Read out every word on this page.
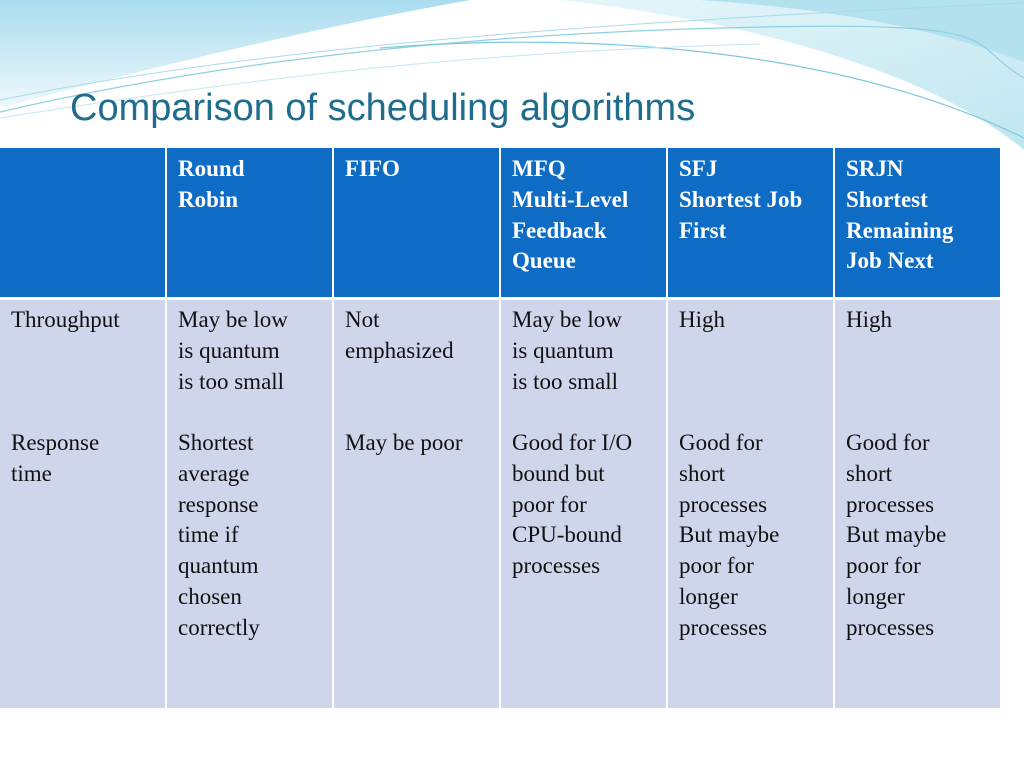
Comparison of scheduling algorithms
Round
Robin
FIFO	MFQ
Multi-Level
Feedback
Queue
SFJ
Shortest Job
First
SRJN
Shortest
Remaining
Job Next
Throughput
Response
time
May be low
is quantum
is too small
Shortest
average
response
time if
quantum
chosen
correctly
Not
emphasized
May be poor
May be low
is quantum
is too small
Good for I/O
bound but
poor for
CPU-bound
processes
High
Good for
short
processes
But maybe
poor for
longer
processes
High
Good for
short
processes
But maybe
poor for
longer
processes
